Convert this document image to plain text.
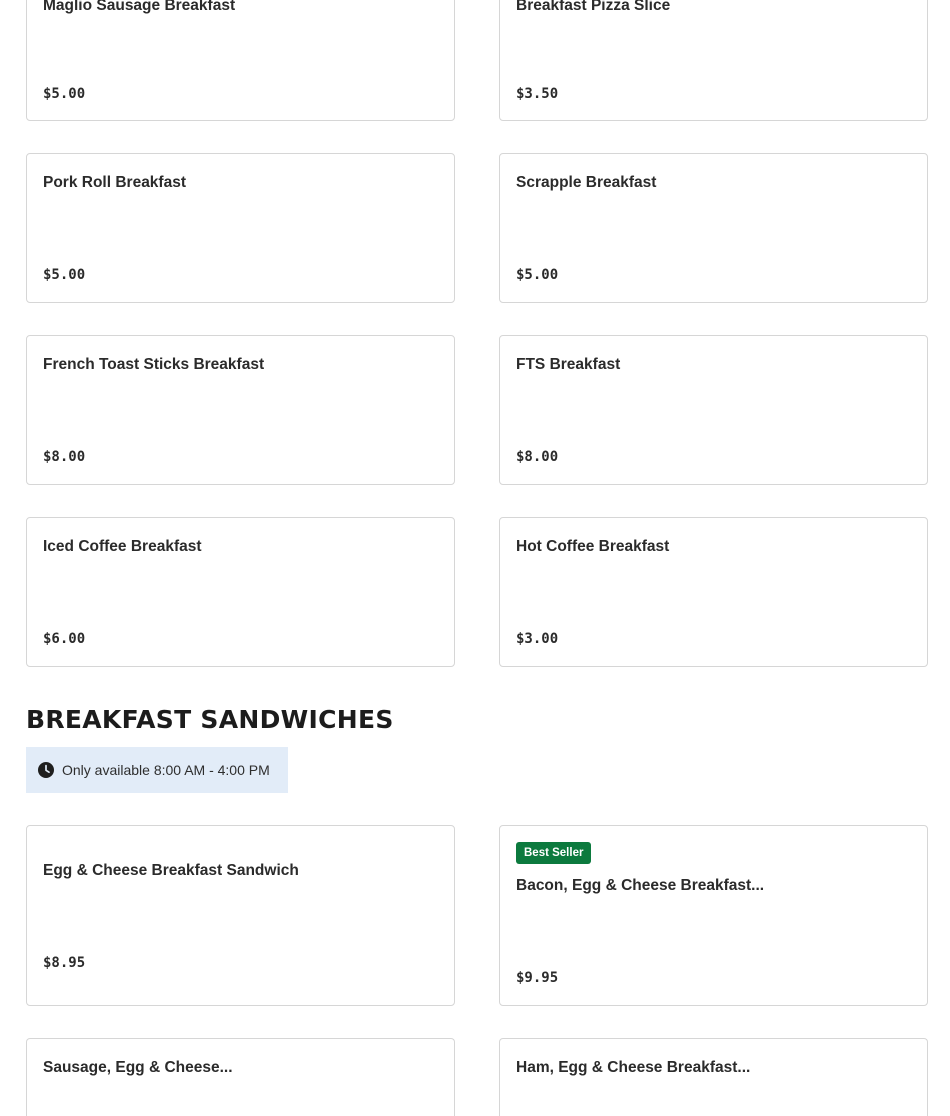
Maglio Sausage Breakfast
$5.00
Breakfast Pizza Slice
$3.50
Pork Roll Breakfast
$5.00
Scrapple Breakfast
$5.00
French Toast Sticks Breakfast
$8.00
FTS Breakfast
$8.00
Iced Coffee Breakfast
$6.00
Hot Coffee Breakfast
$3.00
BREAKFAST SANDWICHES
Only available 8:00 AM - 4:00 PM
Egg & Cheese Breakfast Sandwich
$8.95
Best Seller
Bacon, Egg & Cheese Breakfast...
$9.95
Sausage, Egg & Cheese...	Ham, Egg & Cheese Breakfast...
